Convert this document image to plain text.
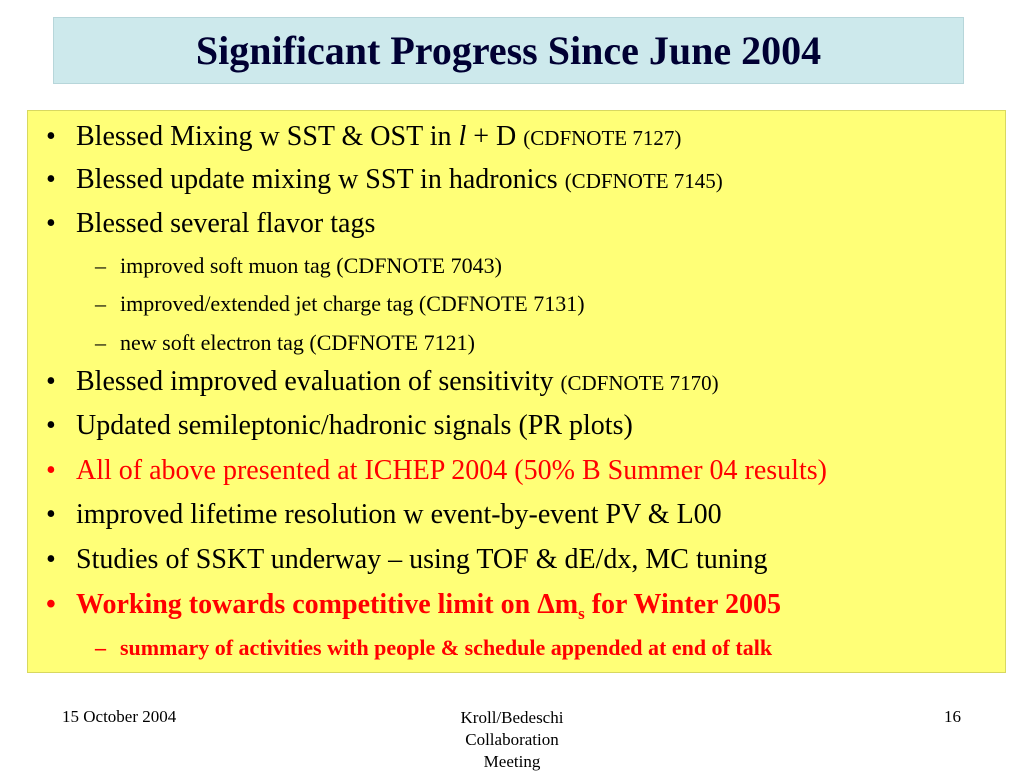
Significant Progress Since June 2004
• Blessed Mixing w SST & OST in l + D (CDFNOTE 7127)
• Blessed update mixing w SST in hadronics (CDFNOTE 7145)
• Blessed several flavor tags
– improved soft muon tag (CDFNOTE 7043)
– improved/extended jet charge tag (CDFNOTE 7131)
– new soft electron tag (CDFNOTE 7121)
• Blessed improved evaluation of sensitivity (CDFNOTE 7170)
• Updated semileptonic/hadronic signals (PR plots)
• All of above presented at ICHEP 2004 (50% B Summer 04 results)
• improved lifetime resolution w event-by-event PV & L00
• Studies of SSKT underway – using TOF & dE/dx, MC tuning
• Working towards competitive limit on $\Delta m_s$ for Winter 2005
– summary of activities with people & schedule appended at end of talk
15 October 2004	Kroll/Bedeschi Collaboration
Meeting
16
